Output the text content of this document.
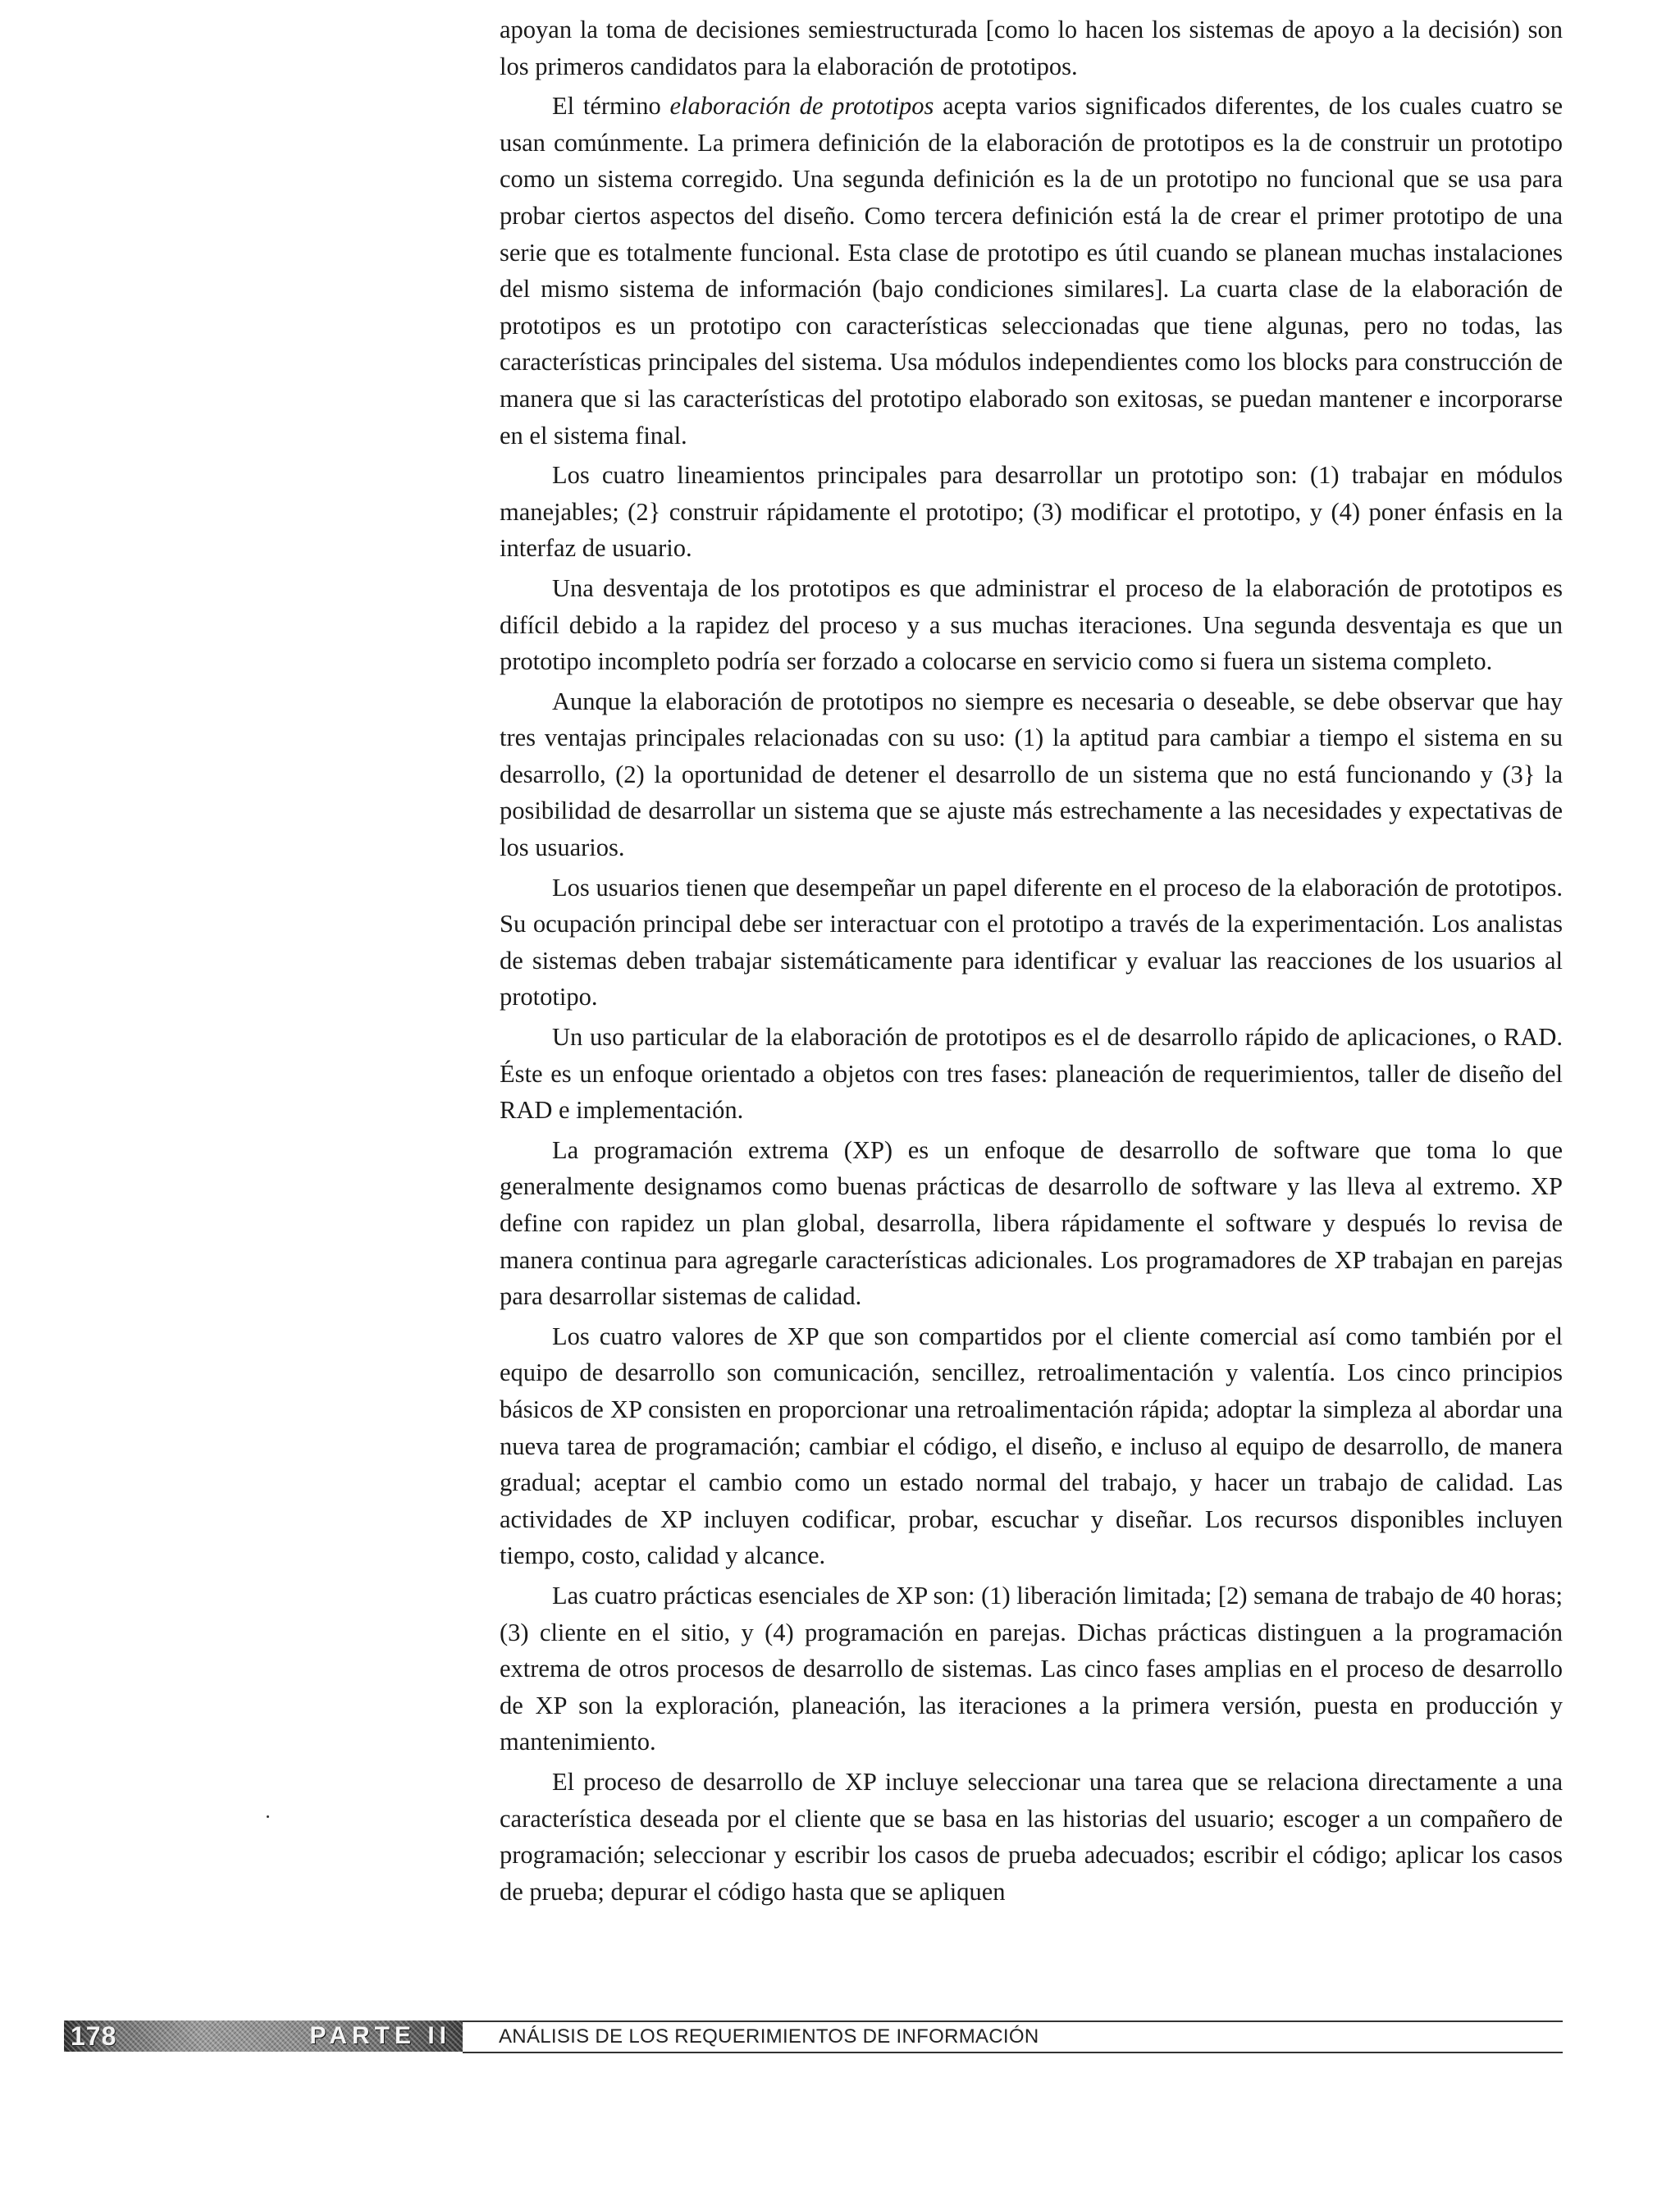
apoyan la toma de decisiones semiestructurada [como lo hacen los sistemas de apoyo a la decisión) son los primeros candidatos para la elaboración de prototipos.

El término elaboración de prototipos acepta varios significados diferentes, de los cuales cuatro se usan comúnmente. La primera definición de la elaboración de prototipos es la de construir un prototipo como un sistema corregido. Una segunda definición es la de un prototipo no funcional que se usa para probar ciertos aspectos del diseño. Como tercera definición está la de crear el primer prototipo de una serie que es totalmente funcional. Esta clase de prototipo es útil cuando se planean muchas instalaciones del mismo sistema de información (bajo condiciones similares]. La cuarta clase de la elaboración de prototipos es un prototipo con características seleccionadas que tiene algunas, pero no todas, las características principales del sistema. Usa módulos independientes como los blocks para construcción de manera que si las características del prototipo elaborado son exitosas, se puedan mantener e incorporarse en el sistema final.

Los cuatro lineamientos principales para desarrollar un prototipo son: (1) trabajar en módulos manejables; (2} construir rápidamente el prototipo; (3) modificar el prototipo, y (4) poner énfasis en la interfaz de usuario.

Una desventaja de los prototipos es que administrar el proceso de la elaboración de prototipos es difícil debido a la rapidez del proceso y a sus muchas iteraciones. Una segunda desventaja es que un prototipo incompleto podría ser forzado a colocarse en servicio como si fuera un sistema completo.

Aunque la elaboración de prototipos no siempre es necesaria o deseable, se debe observar que hay tres ventajas principales relacionadas con su uso: (1) la aptitud para cambiar a tiempo el sistema en su desarrollo, (2) la oportunidad de detener el desarrollo de un sistema que no está funcionando y (3} la posibilidad de desarrollar un sistema que se ajuste más estrechamente a las necesidades y expectativas de los usuarios.

Los usuarios tienen que desempeñar un papel diferente en el proceso de la elaboración de prototipos. Su ocupación principal debe ser interactuar con el prototipo a través de la experimentación. Los analistas de sistemas deben trabajar sistemáticamente para identificar y evaluar las reacciones de los usuarios al prototipo.

Un uso particular de la elaboración de prototipos es el de desarrollo rápido de aplicaciones, o RAD. Éste es un enfoque orientado a objetos con tres fases: planeación de requerimientos, taller de diseño del RAD e implementación.

La programación extrema (XP) es un enfoque de desarrollo de software que toma lo que generalmente designamos como buenas prácticas de desarrollo de software y las lleva al extremo. XP define con rapidez un plan global, desarrolla, libera rápidamente el software y después lo revisa de manera continua para agregarle características adicionales. Los programadores de XP trabajan en parejas para desarrollar sistemas de calidad.

Los cuatro valores de XP que son compartidos por el cliente comercial así como también por el equipo de desarrollo son comunicación, sencillez, retroalimentación y valentía. Los cinco principios básicos de XP consisten en proporcionar una retroalimentación rápida; adoptar la simpleza al abordar una nueva tarea de programación; cambiar el código, el diseño, e incluso al equipo de desarrollo, de manera gradual; aceptar el cambio como un estado normal del trabajo, y hacer un trabajo de calidad. Las actividades de XP incluyen codificar, probar, escuchar y diseñar. Los recursos disponibles incluyen tiempo, costo, calidad y alcance.

Las cuatro prácticas esenciales de XP son: (1) liberación limitada; [2) semana de trabajo de 40 horas; (3) cliente en el sitio, y (4) programación en parejas. Dichas prácticas distinguen a la programación extrema de otros procesos de desarrollo de sistemas. Las cinco fases amplias en el proceso de desarrollo de XP son la exploración, planeación, las iteraciones a la primera versión, puesta en producción y mantenimiento.

El proceso de desarrollo de XP incluye seleccionar una tarea que se relaciona directamente a una característica deseada por el cliente que se basa en las historias del usuario; escoger a un compañero de programación; seleccionar y escribir los casos de prueba adecuados; escribir el código; aplicar los casos de prueba; depurar el código hasta que se apliquen

178	PARTE II ANÁLISIS DE LOS REQUERIMIENTOS DE INFORMACIÓN
